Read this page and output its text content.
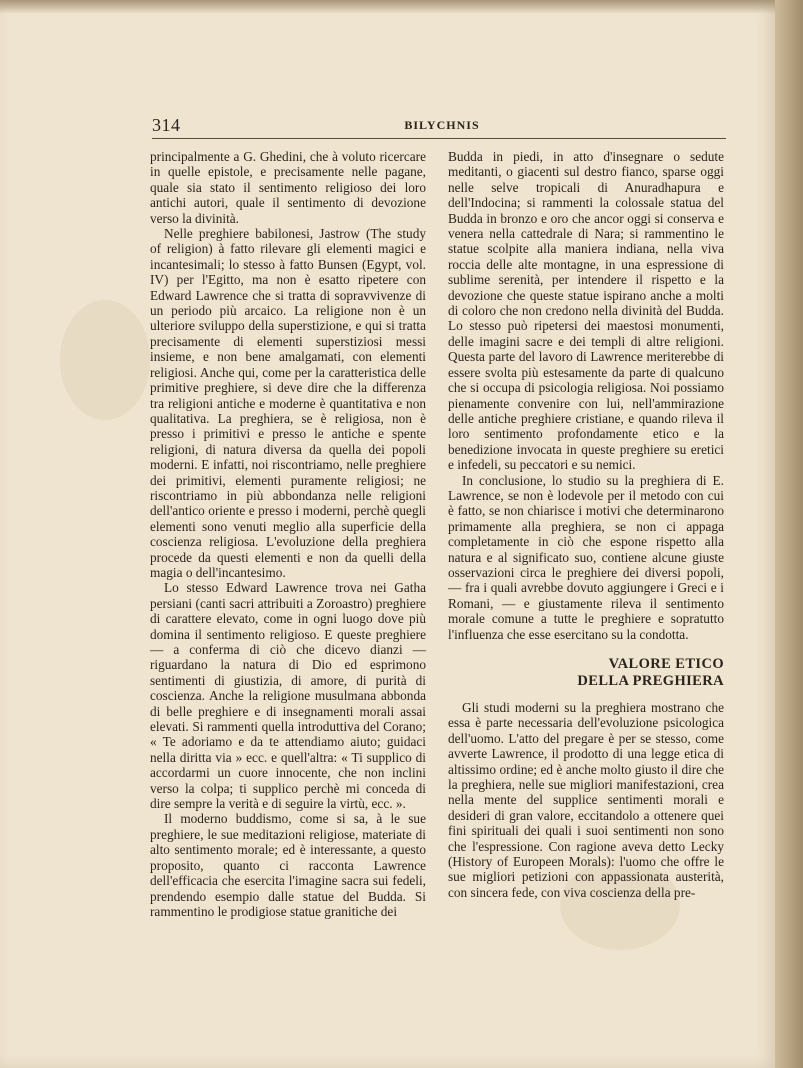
314	BILYCHNIS

principalmente a G. Ghedini, che à voluto ricercare in quelle epistole, e precisamente nelle pagane, quale sia stato il sentimento religioso dei loro antichi autori, quale il sentimento di devozione verso la divinità.

Nelle preghiere babilonesi, Jastrow (The study of religion) à fatto rilevare gli elementi magici e incantesimali; lo stesso à fatto Bunsen (Egypt, vol. IV) per l'Egitto, ma non è esatto ripetere con Edward Lawrence che si tratta di sopravvivenze di un periodo più arcaico. La religione non è un ulteriore sviluppo della superstizione, e qui si tratta precisamente di elementi superstiziosi messi insieme, e non bene amalgamati, con elementi religiosi. Anche qui, come per la caratteristica delle primitive preghiere, si deve dire che la differenza tra religioni antiche e moderne è quantitativa e non qualitativa. La preghiera, se è religiosa, non è presso i primitivi e presso le antiche e spente religioni, di natura diversa da quella dei popoli moderni. E infatti, noi riscontriamo, nelle preghiere dei primitivi, elementi puramente religiosi; ne riscontriamo in più abbondanza nelle religioni dell'antico oriente e presso i moderni, perchè quegli elementi sono venuti meglio alla superficie della coscienza religiosa. L'evoluzione della preghiera procede da questi elementi e non da quelli della magia o dell'incantesimo.

Lo stesso Edward Lawrence trova nei Gatha persiani (canti sacri attribuiti a Zoroastro) preghiere di carattere elevato, come in ogni luogo dove più domina il sentimento religioso. E queste preghiere — a conferma di ciò che dicevo dianzi — riguardano la natura di Dio ed esprimono sentimenti di giustizia, di amore, di purità di coscienza. Anche la religione musulmana abbonda di belle preghiere e di insegnamenti morali assai elevati. Si rammenti quella introduttiva del Corano; « Te adoriamo e da te attendiamo aiuto; guidaci nella diritta via » ecc. e quell'altra: « Ti supplico di accordarmi un cuore innocente, che non inclini verso la colpa; ti supplico perchè mi conceda di dire sempre la verità e di seguire la virtù, ecc. ».

Il moderno buddismo, come si sa, à le sue preghiere, le sue meditazioni religiose, materiate di alto sentimento morale; ed è interessante, a questo proposito, quanto ci racconta Lawrence dell'efficacia che esercita l'imagine sacra sui fedeli, prendendo esempio dalle statue del Budda. Si rammentino le prodigiose statue granitiche dei

Budda in piedi, in atto d'insegnare o sedute meditanti, o giacenti sul destro fianco, sparse oggi nelle selve tropicali di Anuradhapura e dell'Indocina; si rammenti la colossale statua del Budda in bronzo e oro che ancor oggi si conserva e venera nella cattedrale di Nara; si rammentino le statue scolpite alla maniera indiana, nella viva roccia delle alte montagne, in una espressione di sublime serenità, per intendere il rispetto e la devozione che queste statue ispirano anche a molti di coloro che non credono nella divinità del Budda. Lo stesso può ripetersi dei maestosi monumenti, delle imagini sacre e dei templi di altre religioni. Questa parte del lavoro di Lawrence meriterebbe di essere svolta più estesamente da parte di qualcuno che si occupa di psicologia religiosa. Noi possiamo pienamente convenire con lui, nell'ammirazione delle antiche preghiere cristiane, e quando rileva il loro sentimento profondamente etico e la benedizione invocata in queste preghiere su eretici e infedeli, su peccatori e su nemici.

In conclusione, lo studio su la preghiera di E. Lawrence, se non è lodevole per il metodo con cui è fatto, se non chiarisce i motivi che determinarono primamente alla preghiera, se non ci appaga completamente in ciò che espone rispetto alla natura e al significato suo, contiene alcune giuste osservazioni circa le preghiere dei diversi popoli, — fra i quali avrebbe dovuto aggiungere i Greci e i Romani, — e giustamente rileva il sentimento morale comune a tutte le preghiere e sopratutto l'influenza che esse esercitano su la condotta.

VALORE ETICO
DELLA PREGHIERA

Gli studi moderni su la preghiera mostrano che essa è parte necessaria dell'evoluzione psicologica dell'uomo. L'atto del pregare è per se stesso, come avverte Lawrence, il prodotto di una legge etica di altissimo ordine; ed è anche molto giusto il dire che la preghiera, nelle sue migliori manifestazioni, crea nella mente del supplice sentimenti morali e desideri di gran valore, eccitandolo a ottenere quei fini spirituali dei quali i suoi sentimenti non sono che l'espressione. Con ragione aveva detto Lecky (History of Europeen Morals): l'uomo che offre le sue migliori petizioni con appassionata austerità, con sincera fede, con viva coscienza della pre-
